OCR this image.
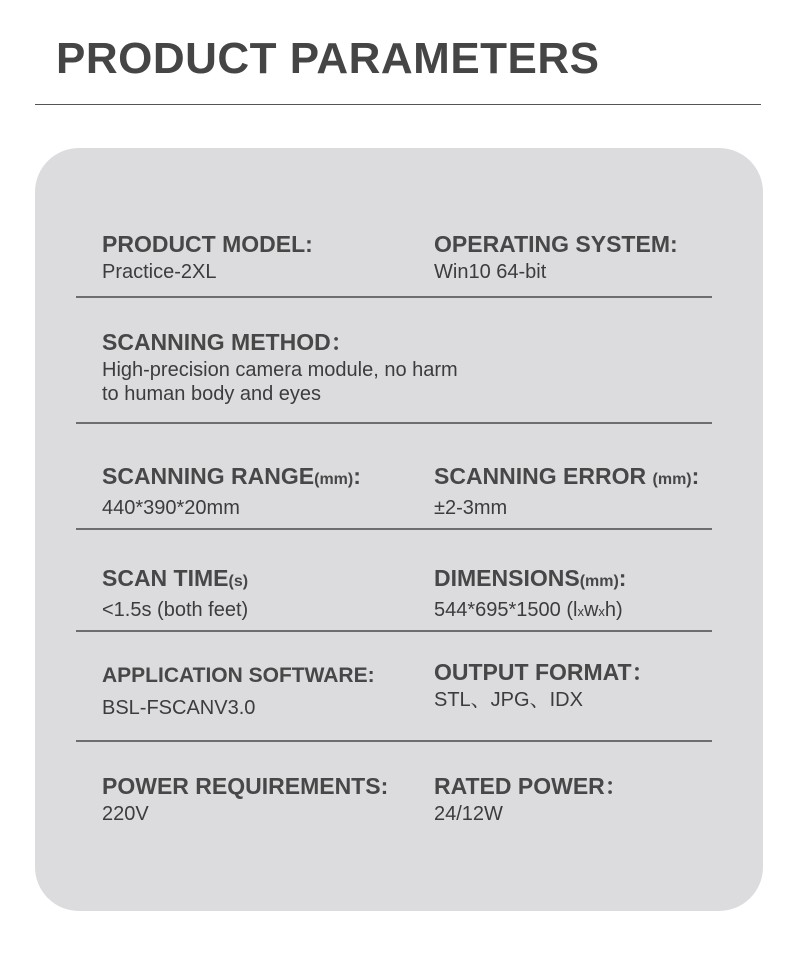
PRODUCT PARAMETERS
PRODUCT MODEL:
Practice-2XL
OPERATING SYSTEM:
Win10 64-bit
SCANNING METHOD：
High-precision camera module, no harm
to human body and eyes
SCANNING RANGE(mm):
440*390*20mm
SCANNING ERROR (mm):
±2-3mm
SCAN TIME(s)
<1.5s (both feet)
DIMENSIONS(mm):
544*695*1500 (lxwxh)
APPLICATION SOFTWARE:
BSL-FSCANV3.0
OUTPUT FORMAT：
STL、JPG、IDX
POWER REQUIREMENTS:
220V
RATED POWER：
24/12W
